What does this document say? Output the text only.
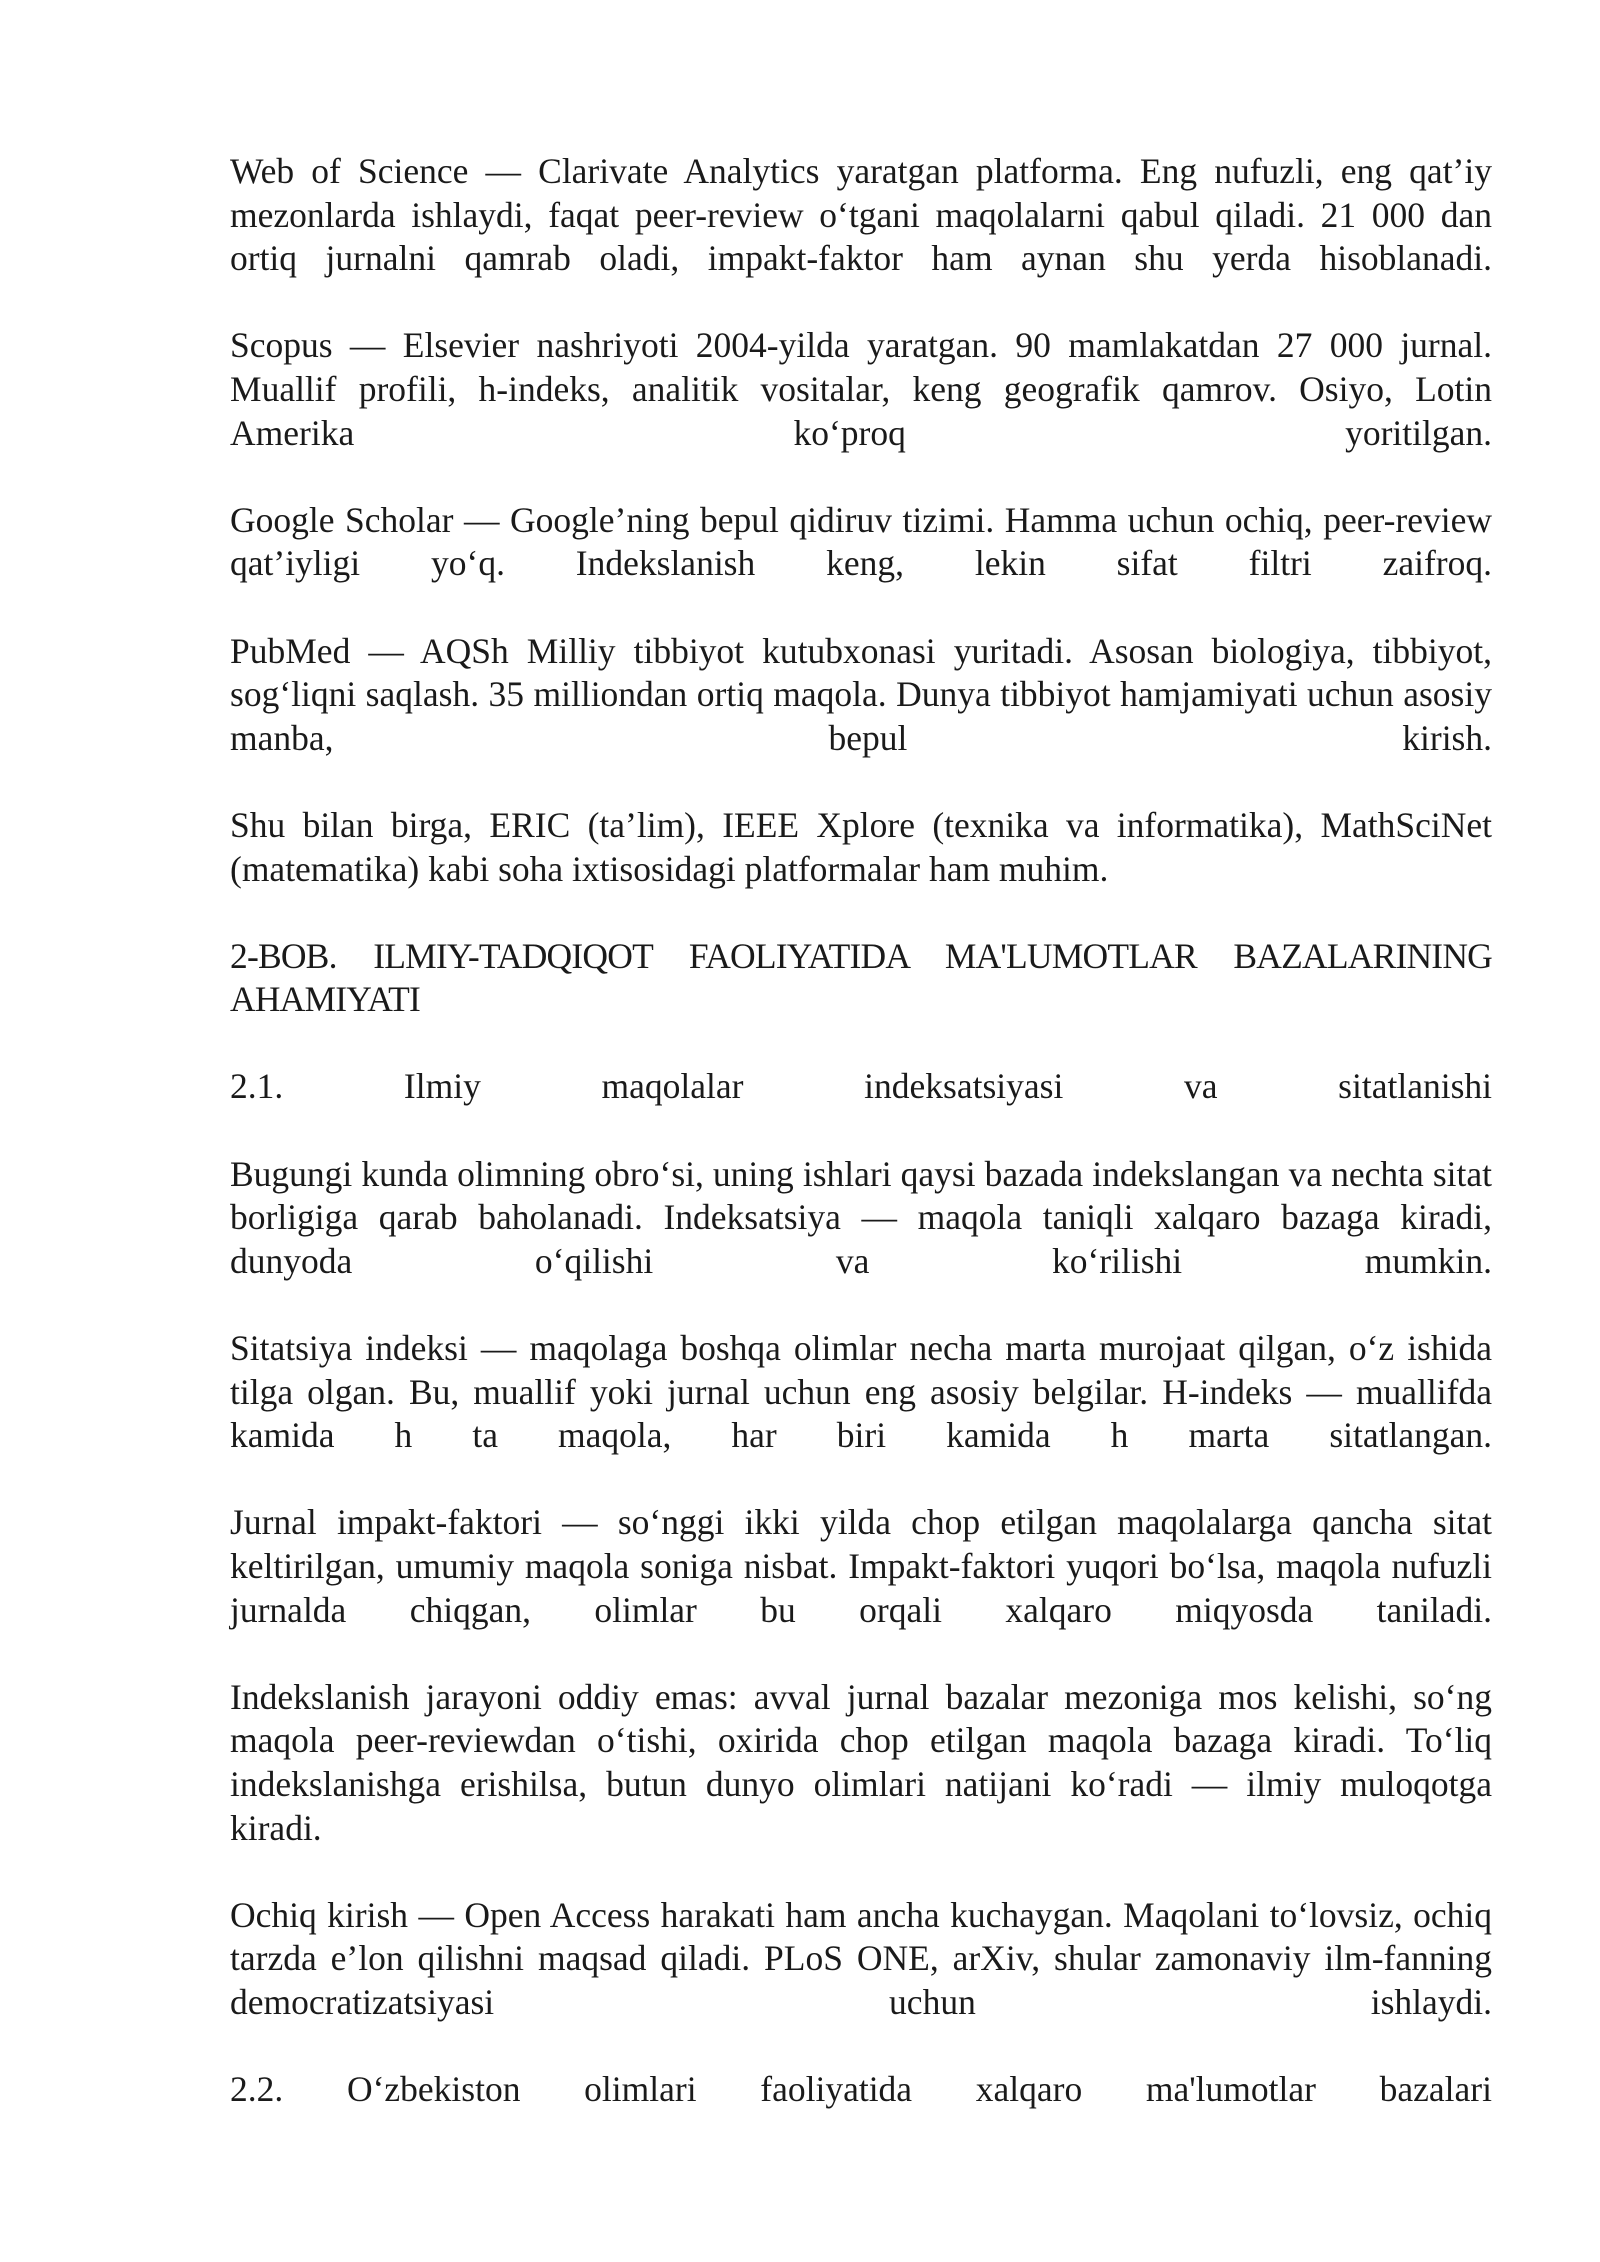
Web of Science — Clarivate Analytics yaratgan platforma. Eng nufuzli, eng qat’iy mezonlarda ishlaydi, faqat peer-review o‘tgani maqolalarni qabul qiladi. 21 000 dan ortiq jurnalni qamrab oladi, impakt-faktor ham aynan shu yerda hisoblanadi.

Scopus — Elsevier nashriyoti 2004-yilda yaratgan. 90 mamlakatdan 27 000 jurnal. Muallif profili, h-indeks, analitik vositalar, keng geografik qamrov. Osiyo, Lotin Amerika ko‘proq yoritilgan.

Google Scholar — Google’ning bepul qidiruv tizimi. Hamma uchun ochiq, peer-review qat’iyligi yo‘q. Indekslanish keng, lekin sifat filtri zaifroq.

PubMed — AQSh Milliy tibbiyot kutubxonasi yuritadi. Asosan biologiya, tibbiyot, sog‘liqni saqlash. 35 milliondan ortiq maqola. Dunya tibbiyot hamjamiyati uchun asosiy manba, bepul kirish.

Shu bilan birga, ERIC (ta’lim), IEEE Xplore (texnika va informatika), MathSciNet (matematika) kabi soha ixtisosidagi platformalar ham muhim.

2-BOB. ILMIY-TADQIQOT FAOLIYATIDA MA'LUMOTLAR BAZALARINING AHAMIYATI
2.1. Ilmiy maqolalar indeksatsiyasi va sitatlanishi

Bugungi kunda olimning obro‘si, uning ishlari qaysi bazada indekslangan va nechta sitat borligiga qarab baholanadi. Indeksatsiya — maqola taniqli xalqaro bazaga kiradi, dunyoda o‘qilishi va ko‘rilishi mumkin.

Sitatsiya indeksi — maqolaga boshqa olimlar necha marta murojaat qilgan, o‘z ishida tilga olgan. Bu, muallif yoki jurnal uchun eng asosiy belgilar. H-indeks — muallifda kamida h ta maqola, har biri kamida h marta sitatlangan.

Jurnal impakt-faktori — so‘nggi ikki yilda chop etilgan maqolalarga qancha sitat keltirilgan, umumiy maqola soniga nisbat. Impakt-faktori yuqori bo‘lsa, maqola nufuzli jurnalda chiqgan, olimlar bu orqali xalqaro miqyosda taniladi.

Indekslanish jarayoni oddiy emas: avval jurnal bazalar mezoniga mos kelishi, so‘ng maqola peer-reviewdan o‘tishi, oxirida chop etilgan maqola bazaga kiradi. To‘liq indekslanishga erishilsa, butun dunyo olimlari natijani ko‘radi — ilmiy muloqotga kiradi.

Ochiq kirish — Open Access harakati ham ancha kuchaygan. Maqolani to‘lovsiz, ochiq tarzda e’lon qilishni maqsad qiladi. PLoS ONE, arXiv, shular zamonaviy ilm-fanning democratizatsiyasi uchun ishlaydi.

2.2. O‘zbekiston olimlari faoliyatida xalqaro ma'lumotlar bazalari
